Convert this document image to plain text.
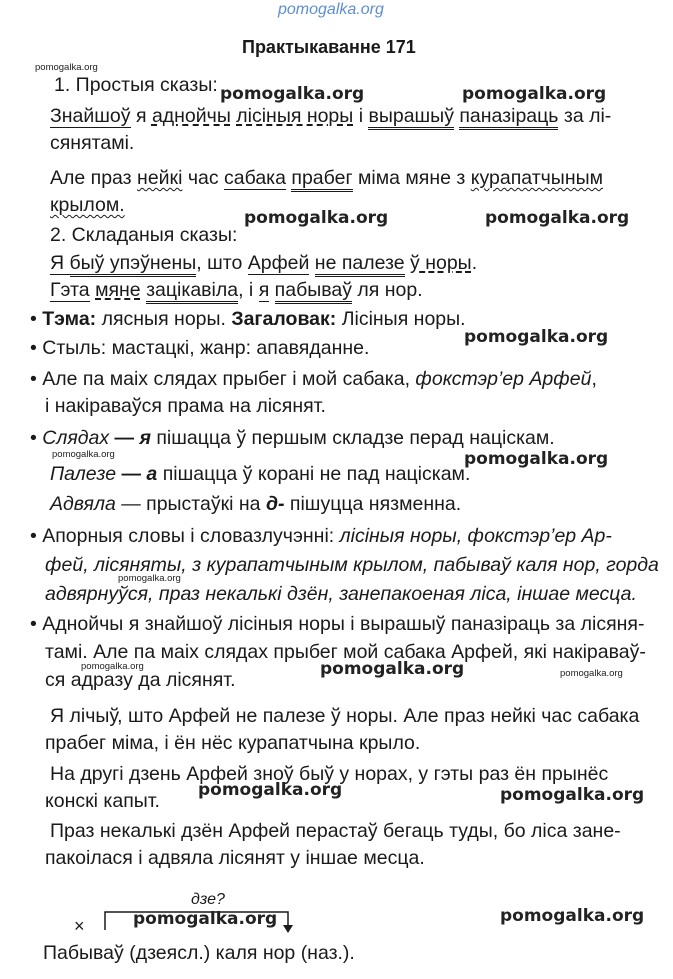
pomogalka.org
Практыкаванне 171
1. Простыя сказы:
Знайшоў я аднойчы лісіныя норы і вырашыў паназіраць за лі-
сянятамі.
Але праз нейкі час сабака прабег міма мяне з курапатчыным
крылом.
2. Складаныя сказы:
Я быў упэўнены, што Арфей не палезе ў норы.
Гэта мяне зацікавіла, і я пабываў ля нор.
• Тэма: лясныя норы. Загаловак: Лісіныя норы.
• Стыль: мастацкі, жанр: апавяданне.
• Але па маіх слядах прыбег і мой сабака, фокстэр’ер Арфей,
і накіраваўся прама на лісянят.
• Слядах — я пішацца ў першым складзе перад націскам.
Палезе — а пішацца ў корані не пад націскам.
Адвяла — прыстаўкі на д- пішуцца нязменна.
• Апорныя словы і словазлучэнні: лісіныя норы, фокстэр’ер Ар-
фей, лісяняты, з курапатчыным крылом, пабываў каля нор, горда
адвярнуўся, праз некалькі дзён, занепакоеная ліса, іншае месца.
• Аднойчы я знайшоў лісіныя норы і вырашыў паназіраць за лісяня-
тамі. Але па маіх слядах прыбег мой сабака Арфей, які накіраваў-
ся адразу да лісянят.
Я лічыў, што Арфей не палезе ў норы. Але праз нейкі час сабака
прабег міма, і ён нёс курапатчына крыло.
На другі дзень Арфей зноў быў у норах, у гэты раз ён прынёс
конскі капыт.
Праз некалькі дзён Арфей перастаў бегаць туды, бо ліса зане-
пакоілася і адвяла лісянят у іншае месца.
дзе?
×
Пабываў (дзеясл.) каля нор (наз.).
pomogalka.org	pomogalka.org
pomogalka.org	pomogalka.org
pomogalka.org
pomogalka.org
pomogalka.org
pomogalka.org	pomogalka.org
pomogalka.org
pomogalka.org
pomogalka.org
pomogalka.org
pomogalka.org
pomogalka.org
pomogalka.org
